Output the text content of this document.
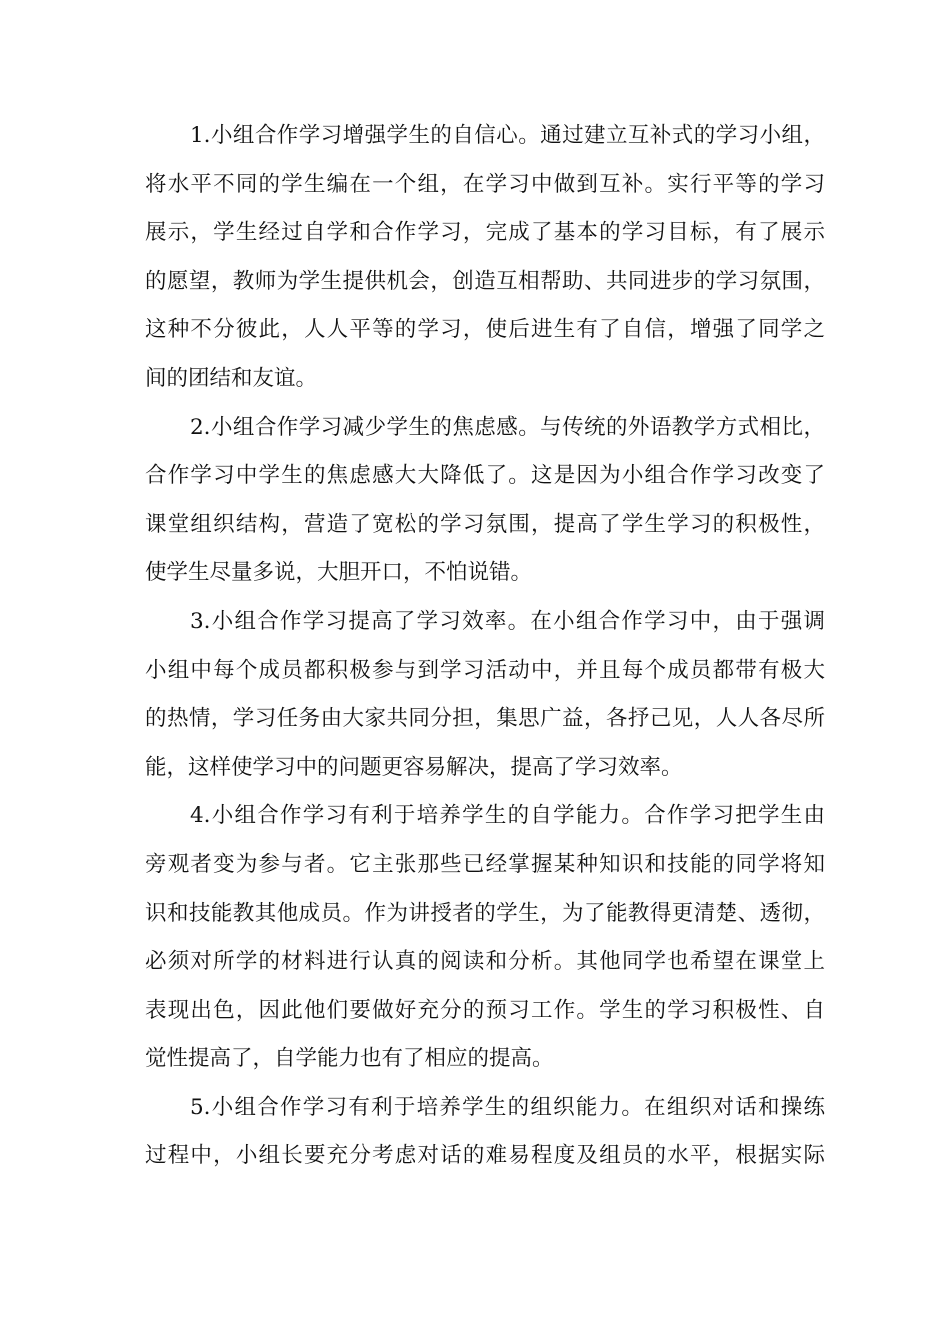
1.小组合作学习增强学生的自信心。通过建立互补式的学习小组，
将水平不同的学生编在一个组，在学习中做到互补。实行平等的学习
展示，学生经过自学和合作学习，完成了基本的学习目标，有了展示
的愿望，教师为学生提供机会，创造互相帮助、共同进步的学习氛围，
这种不分彼此，人人平等的学习，使后进生有了自信，增强了同学之
间的团结和友谊。
2.小组合作学习减少学生的焦虑感。与传统的外语教学方式相比，
合作学习中学生的焦虑感大大降低了。这是因为小组合作学习改变了
课堂组织结构，营造了宽松的学习氛围，提高了学生学习的积极性，
使学生尽量多说，大胆开口，不怕说错。
3.小组合作学习提高了学习效率。在小组合作学习中，由于强调
小组中每个成员都积极参与到学习活动中，并且每个成员都带有极大
的热情，学习任务由大家共同分担，集思广益，各抒己见，人人各尽所
能，这样使学习中的问题更容易解决，提高了学习效率。
4.小组合作学习有利于培养学生的自学能力。合作学习把学生由
旁观者变为参与者。它主张那些已经掌握某种知识和技能的同学将知
识和技能教其他成员。作为讲授者的学生，为了能教得更清楚、透彻，
必须对所学的材料进行认真的阅读和分析。其他同学也希望在课堂上
表现出色，因此他们要做好充分的预习工作。学生的学习积极性、自
觉性提高了，自学能力也有了相应的提高。
5.小组合作学习有利于培养学生的组织能力。在组织对话和操练
过程中，小组长要充分考虑对话的难易程度及组员的水平，根据实际
